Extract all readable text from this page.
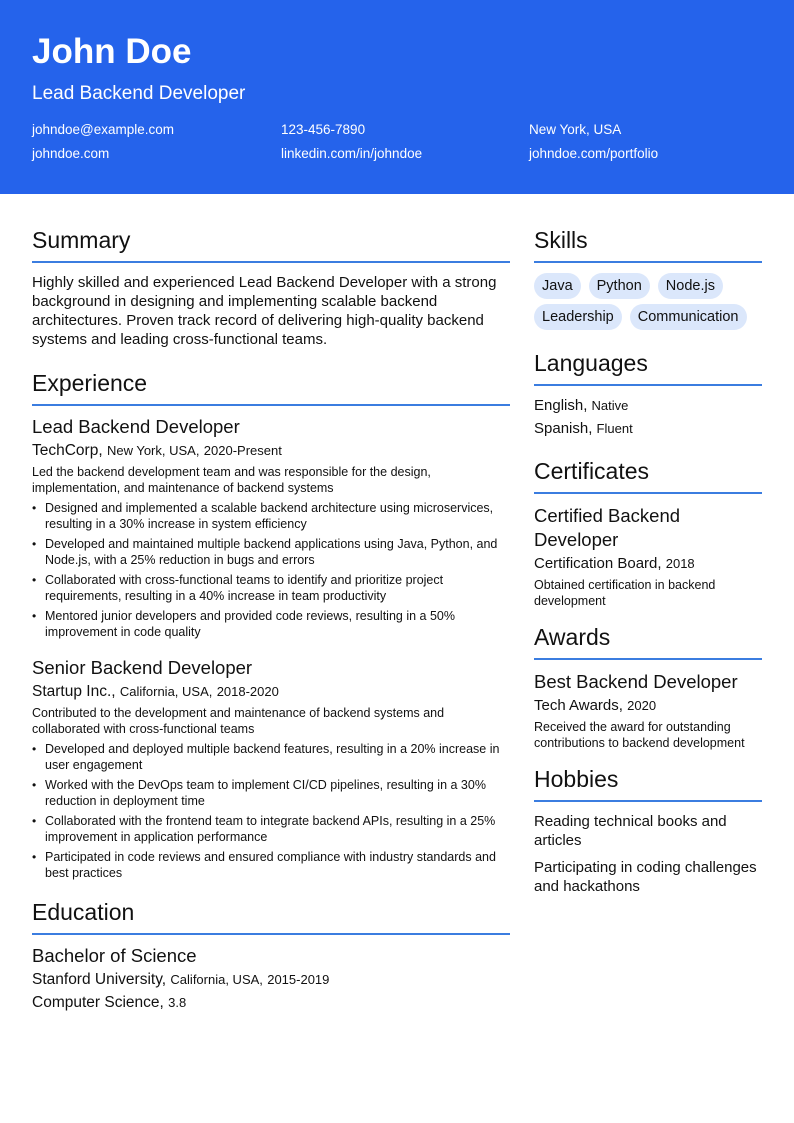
John Doe
Lead Backend Developer
johndoe@example.com	123-456-7890	New York, USA
johndoe.com	linkedin.com/in/johndoe	johndoe.com/portfolio
Summary

Highly skilled and experienced Lead Backend Developer with a strong background in designing and implementing scalable backend architectures. Proven track record of delivering high-quality backend systems and leading cross-functional teams.

Experience
Lead Backend Developer
TechCorp, New York, USA, 2020-Present
Led the backend development team and was responsible for the design, implementation, and maintenance of backend systems
• Designed and implemented a scalable backend architecture using microservices, resulting in a 30% increase in system efficiency
• Developed and maintained multiple backend applications using Java, Python, and Node.js, with a 25% reduction in bugs and errors
• Collaborated with cross-functional teams to identify and prioritize project requirements, resulting in a 40% increase in team productivity
• Mentored junior developers and provided code reviews, resulting in a 50% improvement in code quality
Senior Backend Developer
Startup Inc., California, USA, 2018-2020
Contributed to the development and maintenance of backend systems and collaborated with cross-functional teams
• Developed and deployed multiple backend features, resulting in a 20% increase in user engagement
• Worked with the DevOps team to implement CI/CD pipelines, resulting in a 30% reduction in deployment time
• Collaborated with the frontend team to integrate backend APIs, resulting in a 25% improvement in application performance
• Participated in code reviews and ensured compliance with industry standards and best practices
Education
Bachelor of Science
Stanford University, California, USA, 2015-2019
Computer Science, 3.8
Skills
Java	Python	Node.js
Leadership	Communication
Languages
English, Native
Spanish, Fluent
Certificates
Certified Backend Developer
Certification Board, 2018
Obtained certification in backend development
Awards
Best Backend Developer
Tech Awards, 2020
Received the award for outstanding contributions to backend development
Hobbies
Reading technical books and articles
Participating in coding challenges and hackathons
